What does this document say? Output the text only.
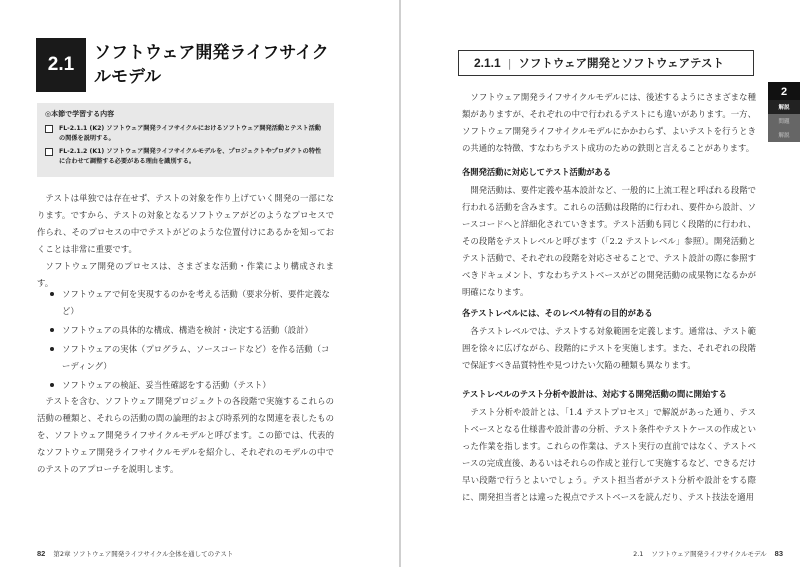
2.1
ソフトウェア開発ライフサイクルモデル
◎本節で学習する内容
FL-2.1.1 (K2) ソフトウェア開発ライフサイクルにおけるソフトウェア開発活動とテスト活動の関係を説明する。
FL-2.1.2 (K1) ソフトウェア開発ライフサイクルモデルを、プロジェクトやプロダクトの特性に合わせて調整する必要がある理由を識別する。

テストは単独では存在せず、テストの対象を作り上げていく開発の一部になります。ですから、テストの対象となるソフトウェアがどのようなプロセスで作られ、そのプロセスの中でテストがどのような位置付けにあるかを知っておくことは非常に重要です。

ソフトウェア開発のプロセスは、さまざまな活動・作業により構成されます。

ソフトウェアで何を実現するのかを考える活動（要求分析、要件定義など）
ソフトウェアの具体的な構成、構造を検討・決定する活動（設計）
ソフトウェアの実体（プログラム、ソースコードなど）を作る活動（コーディング）
ソフトウェアの検証、妥当性確認をする活動（テスト）

テストを含む、ソフトウェア開発プロジェクトの各段階で実施するこれらの活動の種類と、それらの活動の間の論理的および時系列的な関連を表したものを、ソフトウェア開発ライフサイクルモデルと呼びます。この節では、代表的なソフトウェア開発ライフサイクルモデルを紹介し、それぞれのモデルの中でのテストのアプローチを説明します。

82 第2章 ソフトウェア開発ライフサイクル全体を通してのテスト
2.1.1 | ソフトウェア開発とソフトウェアテスト

ソフトウェア開発ライフサイクルモデルには、後述するようにさまざまな種類がありますが、それぞれの中で行われるテストにも違いがあります。一方、ソフトウェア開発ライフサイクルモデルにかかわらず、よいテストを行うときの共通的な特徴、すなわちテスト成功のための鉄則と言えることがあります。

各開発活動に対応してテスト活動がある

開発活動は、要件定義や基本設計など、一般的に上流工程と呼ばれる段階で行われる活動を含みます。これらの活動は段階的に行われ、要件から設計、ソースコードへと詳細化されていきます。テスト活動も同じく段階的に行われ、その段階をテストレベルと呼びます（「2.2 テストレベル」参照）。開発活動とテスト活動で、それぞれの段階を対応させることで、テスト設計の際に参照すべきドキュメント、すなわちテストベースがどの開発活動の成果物になるかが明確になります。

各テストレベルには、そのレベル特有の目的がある

各テストレベルでは、テストする対象範囲を定義します。通常は、テスト範囲を徐々に広げながら、段階的にテストを実施します。また、それぞれの段階で保証すべき品質特性や見つけたい欠陥の種類も異なります。

テストレベルのテスト分析や設計は、対応する開発活動の間に開始する

テスト分析や設計とは、「1.4 テストプロセス」で解説があった通り、テストベースとなる仕様書や設計書の分析、テスト条件やテストケースの作成といった作業を指します。これらの作業は、テスト実行の直前ではなく、テストベースの完成直後、あるいはそれらの作成と並行して実施するなど、できるだけ早い段階で行うとよいでしょう。テスト担当者がテスト分析や設計をする際に、開発担当者とは違った視点でテストベースを読んだり、テスト技法を適用

2
解説
問題
解説
2.1 ソフトウェア開発ライフサイクルモデル 83
